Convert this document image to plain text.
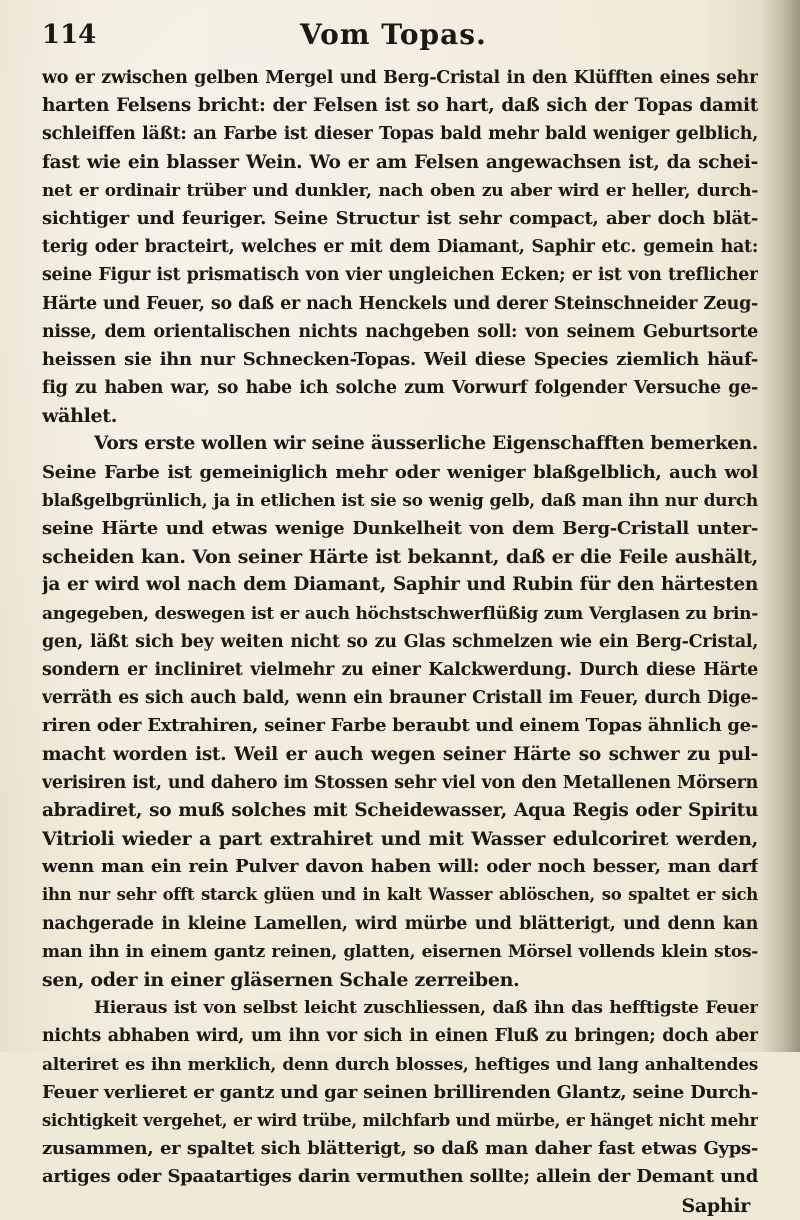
114	Vom Topas.
wo er zwischen gelben Mergel und Berg-Cristal in den Klüfften eines sehr
harten Felsens bricht: der Felsen ist so hart, daß sich der Topas damit
schleiffen läßt: an Farbe ist dieser Topas bald mehr bald weniger gelblich,
fast wie ein blasser Wein. Wo er am Felsen angewachsen ist, da schei-
net er ordinair trüber und dunkler, nach oben zu aber wird er heller, durch-
sichtiger und feuriger. Seine Structur ist sehr compact, aber doch blät-
terig oder bracteirt, welches er mit dem Diamant, Saphir etc. gemein hat:
seine Figur ist prismatisch von vier ungleichen Ecken; er ist von treflicher
Härte und Feuer, so daß er nach Henckels und derer Steinschneider Zeug-
nisse, dem orientalischen nichts nachgeben soll: von seinem Geburtsorte
heissen sie ihn nur Schnecken-Topas. Weil diese Species ziemlich häuf-
fig zu haben war, so habe ich solche zum Vorwurf folgender Versuche ge-
wählet.
Vors erste wollen wir seine äusserliche Eigenschafften bemerken.
Seine Farbe ist gemeiniglich mehr oder weniger blaßgelblich, auch wol
blaßgelbgrünlich, ja in etlichen ist sie so wenig gelb, daß man ihn nur durch
seine Härte und etwas wenige Dunkelheit von dem Berg-Cristall unter-
scheiden kan. Von seiner Härte ist bekannt, daß er die Feile aushält,
ja er wird wol nach dem Diamant, Saphir und Rubin für den härtesten
angegeben, deswegen ist er auch höchstschwerflüßig zum Verglasen zu brin-
gen, läßt sich bey weiten nicht so zu Glas schmelzen wie ein Berg-Cristal,
sondern er incliniret vielmehr zu einer Kalckwerdung. Durch diese Härte
verräth es sich auch bald, wenn ein brauner Cristall im Feuer, durch Dige-
riren oder Extrahiren, seiner Farbe beraubt und einem Topas ähnlich ge-
macht worden ist. Weil er auch wegen seiner Härte so schwer zu pul-
verisiren ist, und dahero im Stossen sehr viel von den Metallenen Mörsern
abradiret, so muß solches mit Scheidewasser, Aqua Regis oder Spiritu
Vitrioli wieder a part extrahiret und mit Wasser edulcoriret werden,
wenn man ein rein Pulver davon haben will: oder noch besser, man darf
ihn nur sehr offt starck glüen und in kalt Wasser ablöschen, so spaltet er sich
nachgerade in kleine Lamellen, wird mürbe und blätterigt, und denn kan
man ihn in einem gantz reinen, glatten, eisernen Mörsel vollends klein stos-
sen, oder in einer gläsernen Schale zerreiben.
Hieraus ist von selbst leicht zuschliessen, daß ihn das hefftigste Feuer
nichts abhaben wird, um ihn vor sich in einen Fluß zu bringen; doch aber
alteriret es ihn merklich, denn durch blosses, heftiges und lang anhaltendes
Feuer verlieret er gantz und gar seinen brillirenden Glantz, seine Durch-
sichtigkeit vergehet, er wird trübe, milchfarb und mürbe, er hänget nicht mehr
zusammen, er spaltet sich blätterigt, so daß man daher fast etwas Gyps-
artiges oder Spaatartiges darin vermuthen sollte; allein der Demant und
Saphir
